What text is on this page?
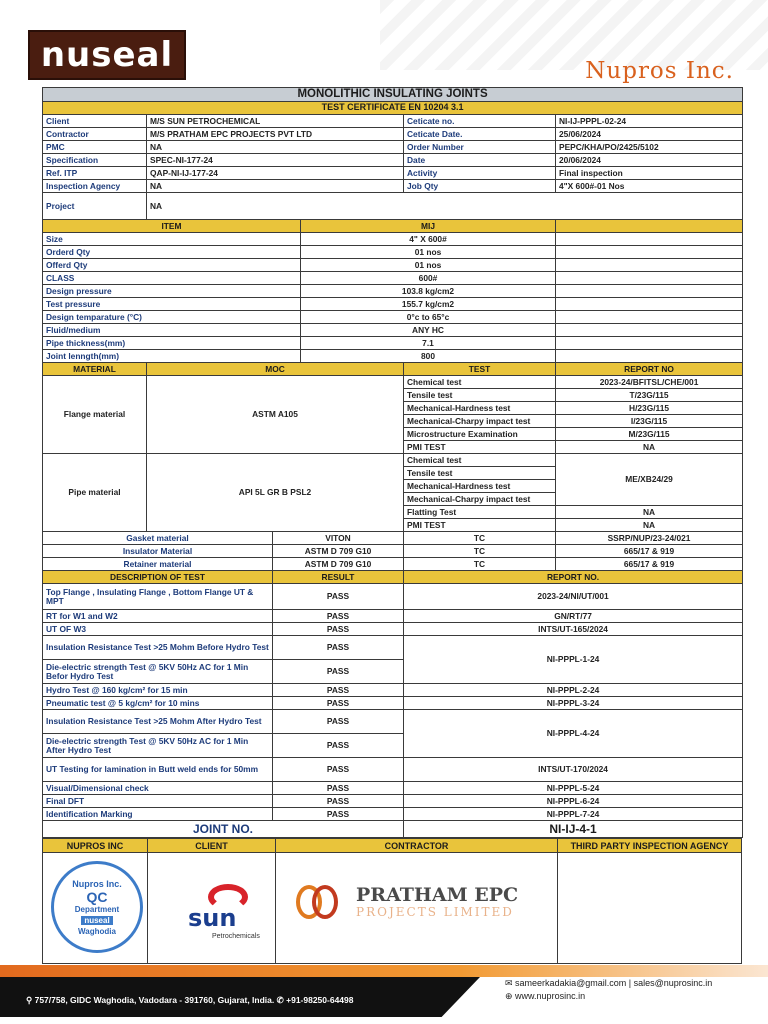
nuseal	Nupros Inc.
MONOLITHIC INSULATING JOINTS					
TEST CERTIFICATE EN 10204 3.1					
Client	M/S SUN PETROCHEMICAL			Ceticate no.	NI-IJ-PPPL-02-24
Contractor	M/S PRATHAM EPC PROJECTS PVT LTD			Ceticate Date.	25/06/2024
PMC	NA			Order Number	PEPC/KHA/PO/2425/5102
Specification	SPEC-NI-177-24			Date	20/06/2024
Ref. ITP	QAP-NI-IJ-177-24			Activity	Final inspection
Inspection Agency	NA			Job Qty	4"X 600#-01 Nos
Project	NA				
ITEM			MIJ		
Size			4" X 600#		
Orderd Qty			01 nos		
Offerd Qty			01 nos		
CLASS			600#		
Design pressure			103.8 kg/cm2		
Test pressure			155.7 kg/cm2		
Design temparature (°C)			0°c to 65°c		
Fluid/medium			ANY HC		
Pipe thickness(mm)			7.1		
Joint lenngth(mm)			800		
MATERIAL	MOC			TEST	REPORT NO
Flange material	ASTM A105			Chemical test	2023-24/BFITSL/CHE/001
				Tensile test	T/23G/115
				Mechanical-Hardness test	H/23G/115
				Mechanical-Charpy impact test	I/23G/115
				Microstructure Examination	M/23G/115
				PMI TEST	NA
Pipe material	API 5L GR B PSL2			Chemical test	ME/XB24/29
				Tensile test	
				Mechanical-Hardness test	
				Mechanical-Charpy impact test	
				Flatting Test	NA
				PMI TEST	NA
Gasket material		VITON		TC	SSRP/NUP/23-24/021
Insulator Material		ASTM D 709 G10		TC	665/17 & 919
Retainer material		ASTM D 709 G10		TC	665/17 & 919
DESCRIPTION OF TEST		RESULT		REPORT NO.	
Top Flange , Insulating Flange , Bottom Flange UT & MPT		PASS		2023-24/NI/UT/001	
RT for W1 and W2		PASS		GN/RT/77	
UT OF W3		PASS		INTS/UT-165/2024	
Insulation Resistance Test >25 Mohm Before Hydro Test		PASS		NI-PPPL-1-24	
Die-electric strength Test @ 5KV 50Hz AC for 1 Min Befor Hydro Test		PASS			
Hydro Test @ 160 kg/cm² for 15 min		PASS		NI-PPPL-2-24	
Pneumatic test @ 5 kg/cm² for 10 mins		PASS		NI-PPPL-3-24	
Insulation Resistance Test >25 Mohm After Hydro Test		PASS		NI-PPPL-4-24	
Die-electric strength Test @ 5KV 50Hz AC for 1 Min After Hydro Test		PASS			
UT Testing for lamination in Butt weld ends for 50mm		PASS		INTS/UT-170/2024	
Visual/Dimensional check		PASS		NI-PPPL-5-24	
Final DFT		PASS		NI-PPPL-6-24	
Identification Marking		PASS		NI-PPPL-7-24	
JOINT NO.				NI-IJ-4-1	
NUPROS INC
Nupros Inc.
QC
Department
nuseal
Waghodia
CLIENT
sun
Petrochemicals
CONTRACTOR
PRATHAM EPC
PROJECTS LIMITED
THIRD PARTY INSPECTION AGENCY
⚲ 757/758, GIDC Waghodia, Vadodara - 391760, Gujarat, India. ✆ +91-98250-64498
✉ sameerkadakia@gmail.com | sales@nuprosinc.in
⊕ www.nuprosinc.in
